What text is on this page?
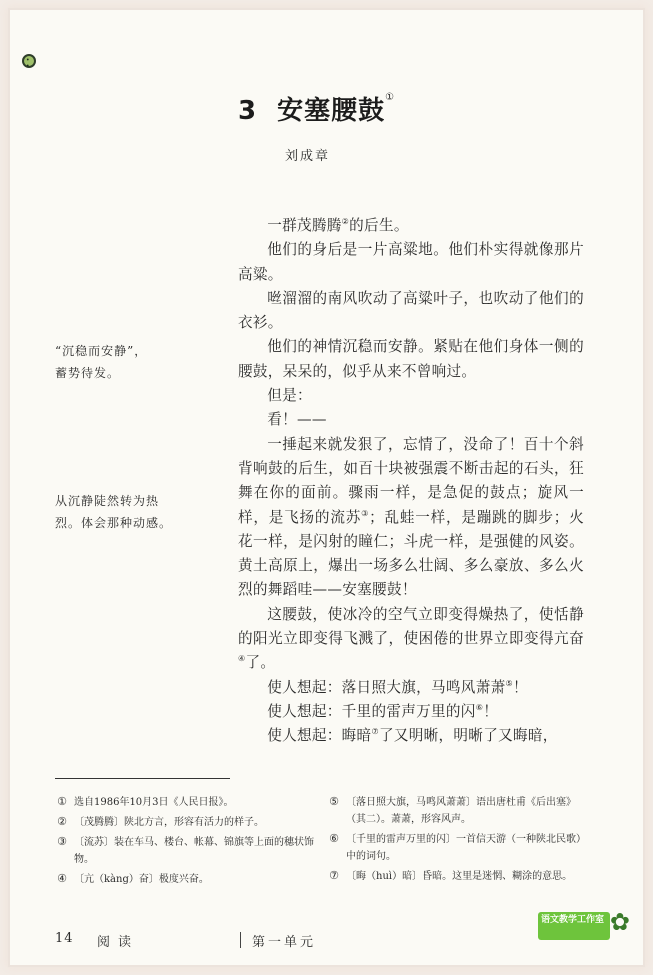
• •
3 安塞腰鼓①
刘成章
“沉稳而安静”，
蓄势待发。
从沉静陡然转为热
烈。体会那种动感。

一群茂腾腾②的后生。

他们的身后是一片高粱地。他们朴实得就像那片高粱。

咝溜溜的南风吹动了高粱叶子，也吹动了他们的衣衫。

他们的神情沉稳而安静。紧贴在他们身体一侧的腰鼓，呆呆的，似乎从来不曾响过。

但是：

看！——

一捶起来就发狠了，忘情了，没命了！百十个斜背响鼓的后生，如百十块被强震不断击起的石头，狂舞在你的面前。骤雨一样，是急促的鼓点；旋风一样，是飞扬的流苏③；乱蛙一样，是蹦跳的脚步；火花一样，是闪射的瞳仁；斗虎一样，是强健的风姿。黄土高原上，爆出一场多么壮阔、多么豪放、多么火烈的舞蹈哇——安塞腰鼓！

这腰鼓，使冰冷的空气立即变得燥热了，使恬静的阳光立即变得飞溅了，使困倦的世界立即变得亢奋④了。

使人想起：落日照大旗，马鸣风萧萧⑤！

使人想起：千里的雷声万里的闪⑥！

使人想起：晦暗⑦了又明晰，明晰了又晦暗，

① 选自1986年10月3日《人民日报》。
② 〔茂腾腾〕陕北方言，形容有活力的样子。
③ 〔流苏〕装在车马、楼台、帐幕、锦旗等上面的穗状饰物。
④ 〔亢（kàng）奋〕极度兴奋。
⑤ 〔落日照大旗，马鸣风萧萧〕语出唐杜甫《后出塞》（其二）。萧萧，形容风声。
⑥ 〔千里的雷声万里的闪〕一首信天游（一种陕北民歌）中的词句。
⑦ 〔晦（huì）暗〕昏暗。这里是迷惘、糊涂的意思。
14 阅读	第一单元
语文教学工作室 ✿
